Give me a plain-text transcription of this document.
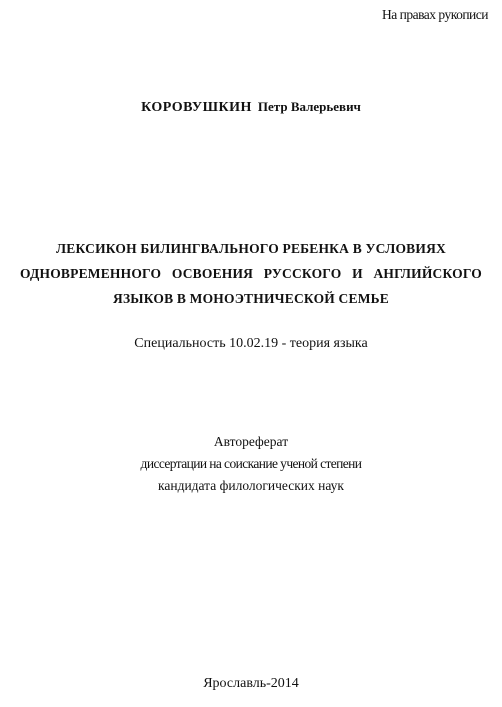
На правах рукописи
КОРОВУШКИН Петр Валерьевич
ЛЕКСИКОН БИЛИНГВАЛЬНОГО РЕБЕНКА В УСЛОВИЯХ
ОДНОВРЕМЕННОГО ОСВОЕНИЯ РУССКОГО И АНГЛИЙСКОГО
ЯЗЫКОВ В МОНОЭТНИЧЕСКОЙ СЕМЬЕ
Специальность 10.02.19 - теория языка
Автореферат
диссертации на соискание ученой степени
кандидата филологических наук
Ярославль-2014
